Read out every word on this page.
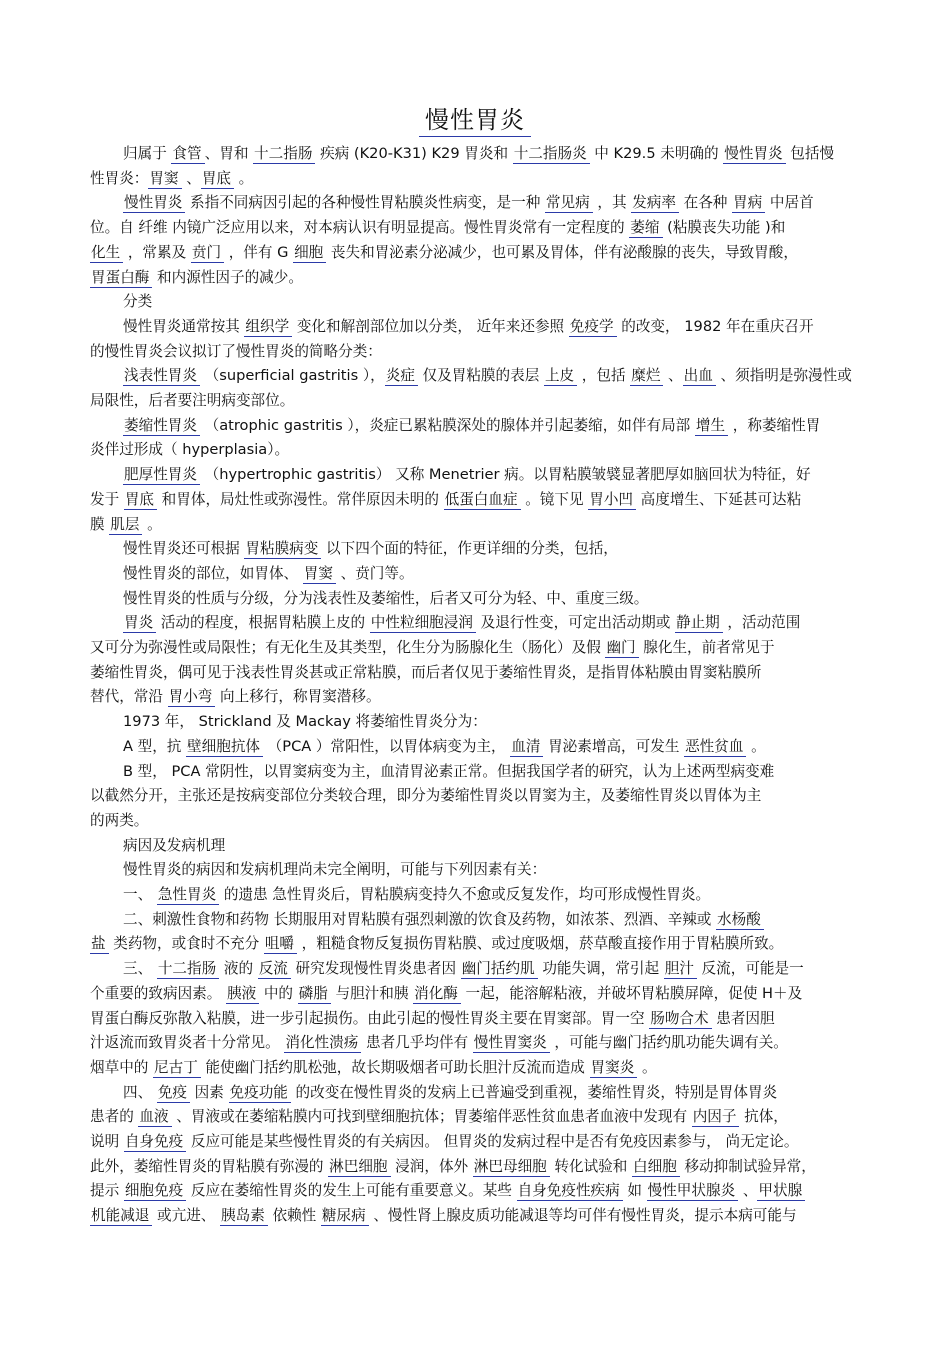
慢性胃炎
归属于 食管 、胃和 十二指肠 疾病 (K20-K31) K29 胃炎和 十二指肠炎 中 K29.5 未明确的 慢性胃炎 包括慢
性胃炎：胃窦 、胃底 。
慢性胃炎 系指不同病因引起的各种慢性胃粘膜炎性病变，是一种 常见病 ，其 发病率 在各种 胃病 中居首
位。自 纤维 内镜广泛应用以来，对本病认识有明显提高。慢性胃炎常有一定程度的 萎缩 (粘膜丧失功能 )和
化生 ，常累及 贲门 ，伴有 G 细胞 丧失和胃泌素分泌减少，也可累及胃体，伴有泌酸腺的丧失，导致胃酸，
胃蛋白酶 和内源性因子的减少。
分类
慢性胃炎通常按其 组织学 变化和解剖部位加以分类， 近年来还参照 免疫学 的改变， 1982 年在重庆召开
的慢性胃炎会议拟订了慢性胃炎的简略分类：
浅表性胃炎 （superficial gastritis ），炎症 仅及胃粘膜的表层 上皮 ，包括 糜烂 、出血 、须指明是弥漫性或
局限性，后者要注明病变部位。
萎缩性胃炎 （atrophic gastritis ），炎症已累粘膜深处的腺体并引起萎缩，如伴有局部 增生 ，称萎缩性胃
炎伴过形成（ hyperplasia）。
肥厚性胃炎 （hypertrophic gastritis） 又称 Menetrier 病。以胃粘膜皱襞显著肥厚如脑回状为特征，好
发于 胃底 和胃体，局灶性或弥漫性。常伴原因未明的 低蛋白血症 。镜下见 胃小凹 高度增生、下延甚可达粘
膜 肌层 。
慢性胃炎还可根据 胃粘膜病变 以下四个面的特征，作更详细的分类，包括，
慢性胃炎的部位，如胃体、 胃窦 、贲门等。
慢性胃炎的性质与分级，分为浅表性及萎缩性，后者又可分为轻、中、重度三级。
胃炎 活动的程度，根据胃粘膜上皮的 中性粒细胞浸润 及退行性变，可定出活动期或 静止期 ，活动范围
又可分为弥漫性或局限性；有无化生及其类型，化生分为肠腺化生（肠化）及假 幽门 腺化生，前者常见于
萎缩性胃炎，偶可见于浅表性胃炎甚或正常粘膜，而后者仅见于萎缩性胃炎，是指胃体粘膜由胃窦粘膜所
替代，常沿 胃小弯 向上移行，称胃窦潜移。
1973 年， Strickland 及 Mackay 将萎缩性胃炎分为：
A 型，抗 壁细胞抗体 （PCA ）常阳性，以胃体病变为主， 血清 胃泌素增高，可发生 恶性贫血 。
B 型， PCA 常阴性，以胃窦病变为主，血清胃泌素正常。但据我国学者的研究，认为上述两型病变难
以截然分开，主张还是按病变部位分类较合理，即分为萎缩性胃炎以胃窦为主，及萎缩性胃炎以胃体为主
的两类。
病因及发病机理
慢性胃炎的病因和发病机理尚未完全阐明，可能与下列因素有关：
一、 急性胃炎 的遗患 急性胃炎后，胃粘膜病变持久不愈或反复发作，均可形成慢性胃炎。
二、刺激性食物和药物 长期服用对胃粘膜有强烈刺激的饮食及药物，如浓茶、烈酒、辛辣或 水杨酸
盐 类药物，或食时不充分 咀嚼 ，粗糙食物反复损伤胃粘膜、或过度吸烟，菸草酸直接作用于胃粘膜所致。
三、 十二指肠 液的 反流 研究发现慢性胃炎患者因 幽门括约肌 功能失调，常引起 胆汁 反流，可能是一
个重要的致病因素。 胰液 中的 磷脂 与胆汁和胰 消化酶 一起，能溶解粘液，并破坏胃粘膜屏障，促使 H＋及
胃蛋白酶反弥散入粘膜，进一步引起损伤。由此引起的慢性胃炎主要在胃窦部。胃一空 肠吻合术 患者因胆
汁返流而致胃炎者十分常见。 消化性溃疡 患者几乎均伴有 慢性胃窦炎 ，可能与幽门括约肌功能失调有关。
烟草中的 尼古丁 能使幽门括约肌松弛，故长期吸烟者可助长胆汁反流而造成 胃窦炎 。
四、 免疫 因素 免疫功能 的改变在慢性胃炎的发病上已普遍受到重视，萎缩性胃炎，特别是胃体胃炎
患者的 血液 、胃液或在萎缩粘膜内可找到壁细胞抗体；胃萎缩伴恶性贫血患者血液中发现有 内因子 抗体，
说明 自身免疫 反应可能是某些慢性胃炎的有关病因。 但胃炎的发病过程中是否有免疫因素参与， 尚无定论。
此外，萎缩性胃炎的胃粘膜有弥漫的 淋巴细胞 浸润，体外 淋巴母细胞 转化试验和 白细胞 移动抑制试验异常，
提示 细胞免疫 反应在萎缩性胃炎的发生上可能有重要意义。某些 自身免疫性疾病 如 慢性甲状腺炎 、甲状腺
机能减退 或亢进、 胰岛素 依赖性 糖尿病 、慢性肾上腺皮质功能减退等均可伴有慢性胃炎，提示本病可能与
